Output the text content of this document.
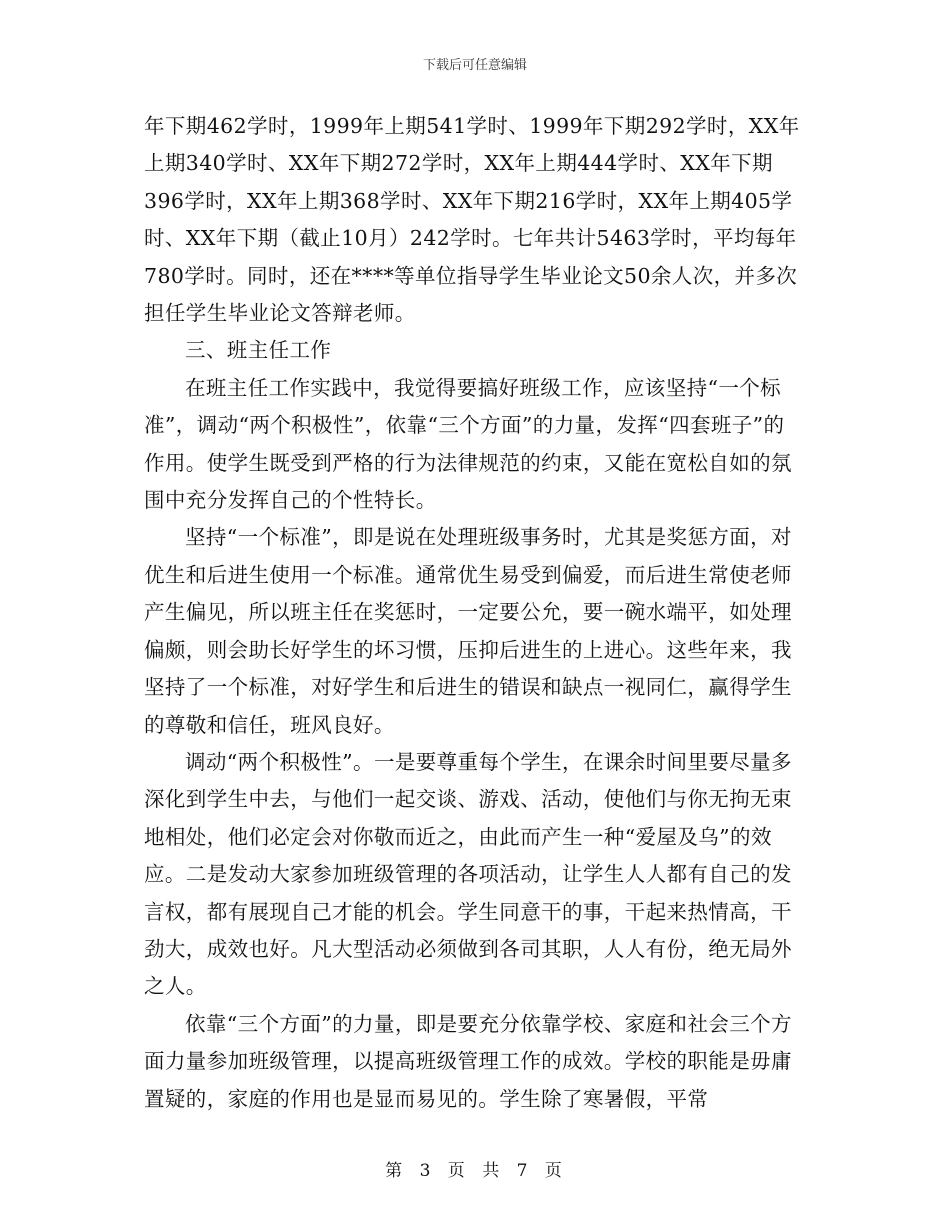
下载后可任意编辑

年下期462学时，1999年上期541学时、1999年下期292学时，XX年上期340学时、XX年下期272学时，XX年上期444学时、XX年下期396学时，XX年上期368学时、XX年下期216学时，XX年上期405学时、XX年下期（截止10月）242学时。七年共计5463学时，平均每年780学时。同时，还在****等单位指导学生毕业论文50余人次，并多次担任学生毕业论文答辩老师。

三、班主任工作

在班主任工作实践中，我觉得要搞好班级工作，应该坚持“一个标准”，调动“两个积极性”，依靠“三个方面”的力量，发挥“四套班子”的作用。使学生既受到严格的行为法律规范的约束，又能在宽松自如的氛围中充分发挥自己的个性特长。

坚持“一个标准”，即是说在处理班级事务时，尤其是奖惩方面，对优生和后进生使用一个标准。通常优生易受到偏爱，而后进生常使老师产生偏见，所以班主任在奖惩时，一定要公允，要一碗水端平，如处理偏颇，则会助长好学生的坏习惯，压抑后进生的上进心。这些年来，我坚持了一个标准，对好学生和后进生的错误和缺点一视同仁，赢得学生的尊敬和信任，班风良好。

调动“两个积极性”。一是要尊重每个学生，在课余时间里要尽量多深化到学生中去，与他们一起交谈、游戏、活动，使他们与你无拘无束地相处，他们必定会对你敬而近之，由此而产生一种“爱屋及乌”的效应。二是发动大家参加班级管理的各项活动，让学生人人都有自己的发言权，都有展现自己才能的机会。学生同意干的事，干起来热情高，干劲大，成效也好。凡大型活动必须做到各司其职，人人有份，绝无局外之人。

依靠“三个方面”的力量，即是要充分依靠学校、家庭和社会三个方面力量参加班级管理，以提高班级管理工作的成效。学校的职能是毋庸置疑的，家庭的作用也是显而易见的。学生除了寒暑假，平常

第 3 页 共 7 页
